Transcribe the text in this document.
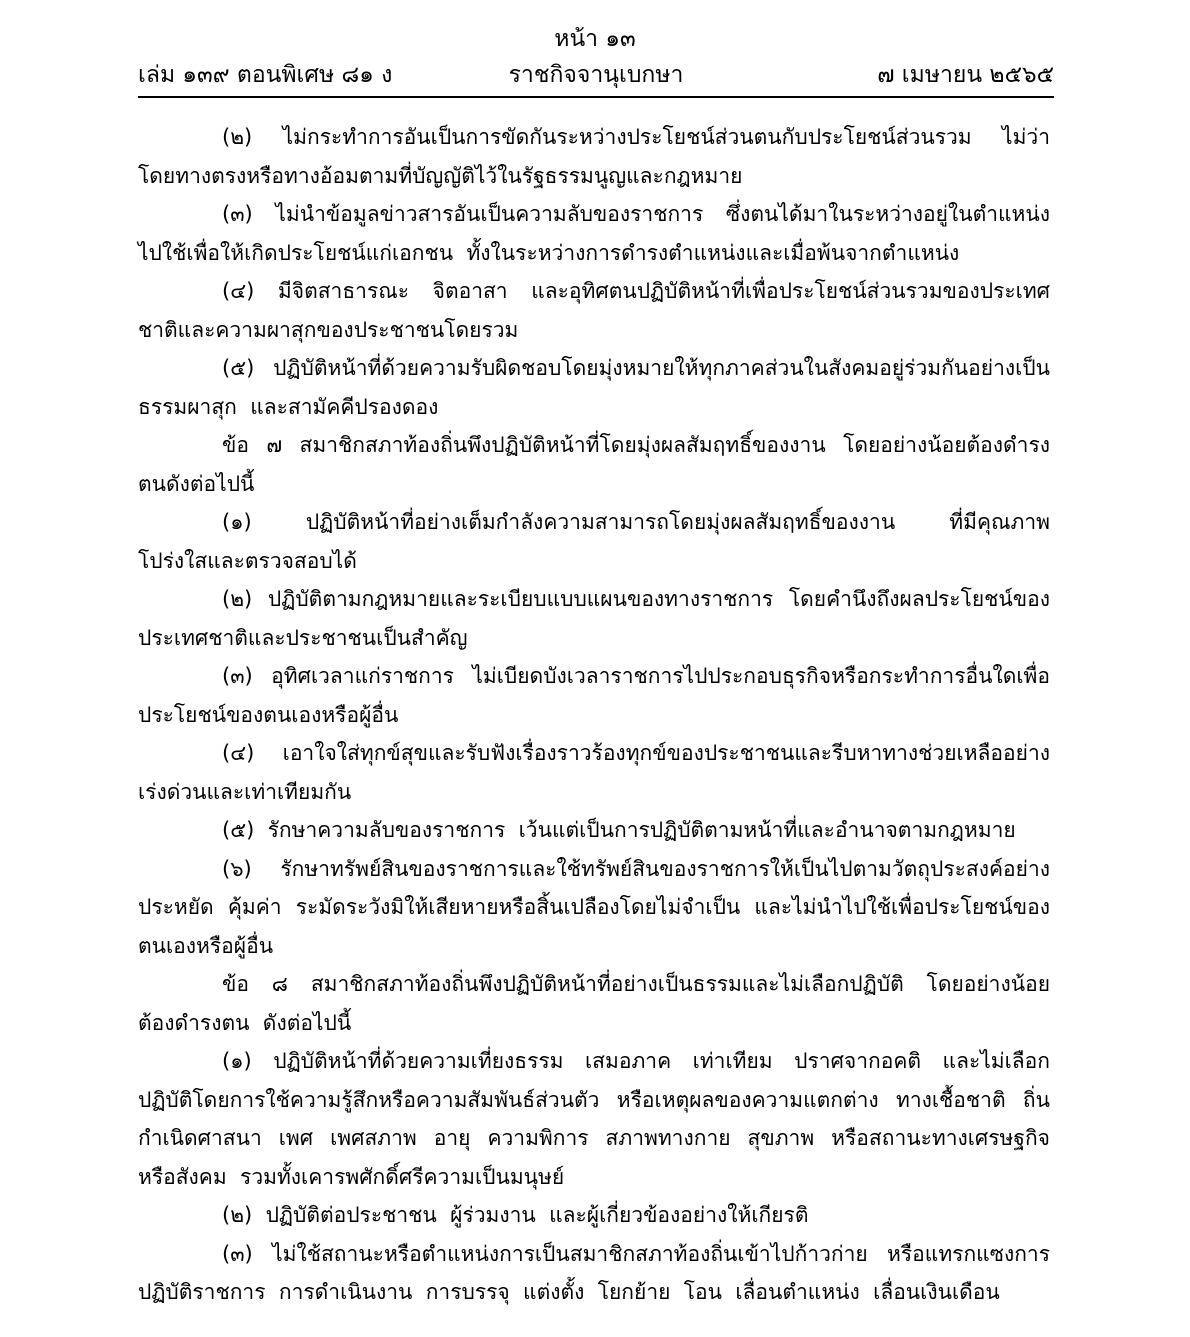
หน้า ๑๓
เล่ม ๑๓๙ ตอนพิเศษ ๘๑ ง	ราชกิจจานุเบกษา	๗ เมษายน ๒๕๖๕

(๒)  ไม่กระทำการอันเป็นการขัดกันระหว่างประโยชน์ส่วนตนกับประโยชน์ส่วนรวม  ไม่ว่าโดยทางตรงหรือทางอ้อมตามที่บัญญัติไว้ในรัฐธรรมนูญและกฎหมาย

(๓)  ไม่นำข้อมูลข่าวสารอันเป็นความลับของราชการ  ซึ่งตนได้มาในระหว่างอยู่ในตำแหน่งไปใช้เพื่อให้เกิดประโยชน์แก่เอกชน  ทั้งในระหว่างการดำรงตำแหน่งและเมื่อพ้นจากตำแหน่ง

(๔)  มีจิตสาธารณะ  จิตอาสา  และอุทิศตนปฏิบัติหน้าที่เพื่อประโยชน์ส่วนรวมของประเทศชาติและความผาสุกของประชาชนโดยรวม

(๕)  ปฏิบัติหน้าที่ด้วยความรับผิดชอบโดยมุ่งหมายให้ทุกภาคส่วนในสังคมอยู่ร่วมกันอย่างเป็นธรรมผาสุก  และสามัคคีปรองดอง

ข้อ  ๗  สมาชิกสภาท้องถิ่นพึงปฏิบัติหน้าที่โดยมุ่งผลสัมฤทธิ์ของงาน  โดยอย่างน้อยต้องดำรงตนดังต่อไปนี้

(๑)  ปฏิบัติหน้าที่อย่างเต็มกำลังความสามารถโดยมุ่งผลสัมฤทธิ์ของงาน  ที่มีคุณภาพ  โปร่งใสและตรวจสอบได้

(๒)  ปฏิบัติตามกฎหมายและระเบียบแบบแผนของทางราชการ  โดยคำนึงถึงผลประโยชน์ของประเทศชาติและประชาชนเป็นสำคัญ

(๓)  อุทิศเวลาแก่ราชการ  ไม่เบียดบังเวลาราชการไปประกอบธุรกิจหรือกระทำการอื่นใดเพื่อประโยชน์ของตนเองหรือผู้อื่น

(๔)  เอาใจใส่ทุกข์สุขและรับฟังเรื่องราวร้องทุกข์ของประชาชนและรีบหาทางช่วยเหลืออย่างเร่งด่วนและเท่าเทียมกัน

(๕)  รักษาความลับของราชการ  เว้นแต่เป็นการปฏิบัติตามหน้าที่และอำนาจตามกฎหมาย

(๖)  รักษาทรัพย์สินของราชการและใช้ทรัพย์สินของราชการให้เป็นไปตามวัตถุประสงค์อย่างประหยัด  คุ้มค่า  ระมัดระวังมิให้เสียหายหรือสิ้นเปลืองโดยไม่จำเป็น  และไม่นำไปใช้เพื่อประโยชน์ของตนเองหรือผู้อื่น

ข้อ  ๘  สมาชิกสภาท้องถิ่นพึงปฏิบัติหน้าที่อย่างเป็นธรรมและไม่เลือกปฏิบัติ  โดยอย่างน้อยต้องดำรงตน  ดังต่อไปนี้

(๑)  ปฏิบัติหน้าที่ด้วยความเที่ยงธรรม  เสมอภาค  เท่าเทียม  ปราศจากอคติ  และไม่เลือกปฏิบัติโดยการใช้ความรู้สึกหรือความสัมพันธ์ส่วนตัว  หรือเหตุผลของความแตกต่าง  ทางเชื้อชาติ  ถิ่นกำเนิดศาสนา  เพศ  เพศสภาพ  อายุ  ความพิการ  สภาพทางกาย  สุขภาพ  หรือสถานะทางเศรษฐกิจหรือสังคม  รวมทั้งเคารพศักดิ์ศรีความเป็นมนุษย์

(๒)  ปฏิบัติต่อประชาชน  ผู้ร่วมงาน  และผู้เกี่ยวข้องอย่างให้เกียรติ

(๓)  ไม่ใช้สถานะหรือตำแหน่งการเป็นสมาชิกสภาท้องถิ่นเข้าไปก้าวก่าย  หรือแทรกแซงการปฏิบัติราชการ  การดำเนินงาน  การบรรจุ  แต่งตั้ง  โยกย้าย  โอน  เลื่อนตำแหน่ง  เลื่อนเงินเดือน
